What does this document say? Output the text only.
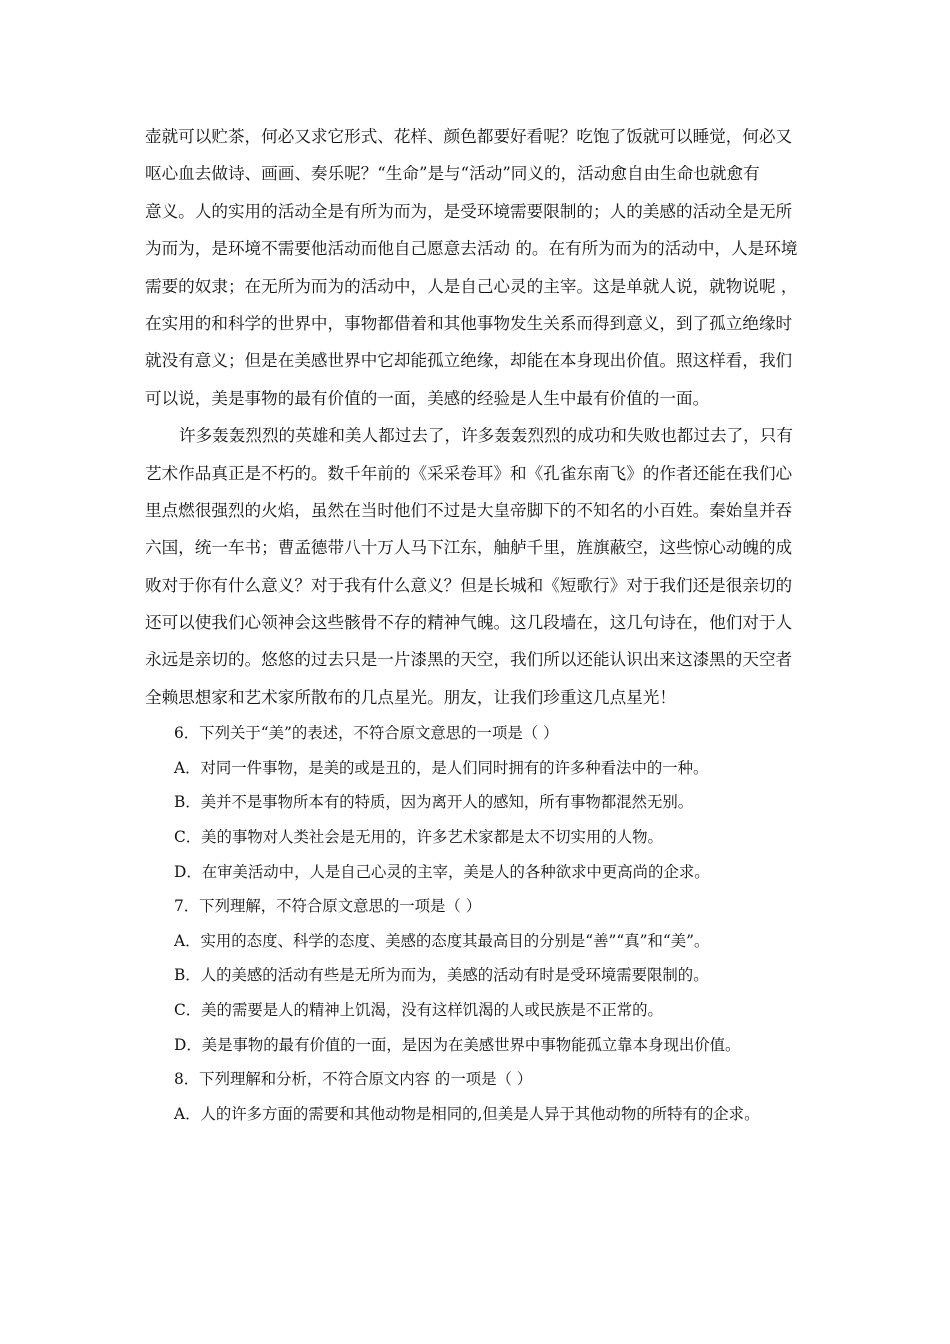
壶就可以贮茶，何必又求它形式、花样、颜色都要好看呢？吃饱了饭就可以睡觉，何必又
呕心血去做诗、画画、奏乐呢？“生命”是与“活动”同义的，活动愈自由生命也就愈有
意义。人的实用的活动全是有所为而为，是受环境需要限制的；人的美感的活动全是无所
为而为，是环境不需要他活动而他自己愿意去活动 的。在有所为而为的活动中，人是环境
需要的奴隶；在无所为而为的活动中，人是自己心灵的主宰。这是单就人说，就物说呢 ，
在实用的和科学的世界中，事物都借着和其他事物发生关系而得到意义，到了孤立绝缘时
就没有意义；但是在美感世界中它却能孤立绝缘，却能在本身现出价值。照这样看，我们
可以说，美是事物的最有价值的一面，美感的经验是人生中最有价值的一面。
许多轰轰烈烈的英雄和美人都过去了，许多轰轰烈烈的成功和失败也都过去了，只有
艺术作品真正是不朽的。数千年前的《采采卷耳》和《孔雀东南飞》的作者还能在我们心
里点燃很强烈的火焰，虽然在当时他们不过是大皇帝脚下的不知名的小百姓。秦始皇并吞
六国，统一车书；曹孟德带八十万人马下江东，舳舻千里，旌旗蔽空，这些惊心动魄的成
败对于你有什么意义？对于我有什么意义？但是长城和《短歌行》对于我们还是很亲切的
还可以使我们心领神会这些骸骨不存的精神气魄。这几段墙在，这几句诗在，他们对于人
永远是亲切的。悠悠的过去只是一片漆黑的天空，我们所以还能认识出来这漆黑的天空者
全赖思想家和艺术家所散布的几点星光。朋友，让我们珍重这几点星光！
6．下列关于“美”的表述，不符合原文意思的一项是（ ）
A．对同一件事物，是美的或是丑的，是人们同时拥有的许多种看法中的一种。
B．美并不是事物所本有的特质，因为离开人的感知，所有事物都混然无别。
C．美的事物对人类社会是无用的，许多艺术家都是太不切实用的人物。
D．在审美活动中，人是自己心灵的主宰，美是人的各种欲求中更高尚的企求。
7．下列理解，不符合原文意思的一项是（ ）
A．实用的态度、科学的态度、美感的态度其最高目的分别是“善”“真”和“美”。
B．人的美感的活动有些是无所为而为，美感的活动有时是受环境需要限制的。
C．美的需要是人的精神上饥渴，没有这样饥渴的人或民族是不正常的。
D．美是事物的最有价值的一面，是因为在美感世界中事物能孤立靠本身现出价值。
8．下列理解和分析，不符合原文内容 的一项是（ ）
A．人的许多方面的需要和其他动物是相同的,但美是人异于其他动物的所特有的企求。
